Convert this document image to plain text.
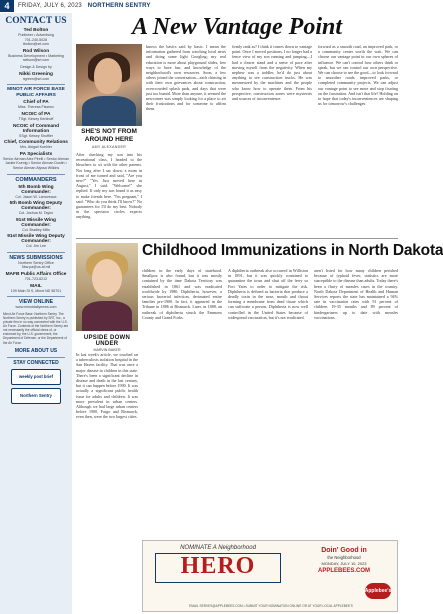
4	FRIDAY, JULY 6, 2023 NORTHERN SENTRY
CONTACT US
Ted Bolton
Publisher • Advertising
701-240-5028
tbolton@srt.com
Rod Wilson
Business Development • Marketing
rwilson@srt.com
Design & Design by
Nikki Greening
ngreen@srt.com
MINOT AIR FORCE BASE PUBLIC AFFAIRS
Chief of PA
Miss. Theresa Fisseux
NCOIC of PA
TSgt. Kinsey Kerkhoff
NCOIC of Command Information
SSgt. Kelsey Shuffler
Chief, Community Relations
Mrs. Abigail Koehler
PA Specialists
Senior Airman Alex Pirelli • Senior Airman Jackie Koenig • Senior Airman Dustin • Senior Airman Alyssa Wilkins
COMMANDERS
5th Bomb Wing Commander:
Col. Jason W. Lamoreaux
5th Bomb Wing Deputy Commander:
Col. Joshua M. Taylor
91st Missile Wing Commander:
Col. Bradley Mills
91st Missile Wing Deputy Commander:
Col. Jim Lee
NEWS SUBMISSIONS
Northern Sentry Office
5bw.pa@us.af.mil
MAFB Public Affairs Office
701-723-6212
MAIL
109 Main St S, Minot ND 58701
VIEW ONLINE
www.minotdailynews.com
Minot Air Force Base: Northern Sentry. The Northern Sentry is published by SRT, Inc., a private firm in no way connected with the U.S. Air Force. Contents of the Northern Sentry are not necessarily the official views of, or endorsed by, the U.S. government, the Department of Defense, or the Department of the Air Force.
MORE ABOUT US
STAY CONNECTED
weekly post brief
Northern Sentry
A New Vantage Point
SHE'S NOT FROM AROUND HERE
AMY ALEXANDER
After checking my son into his recreational class, I headed to the bleachers to sit with the other parents. Not long after I sat down, a mom in front of me turned and said, "Are you new?" "Yes. Just moved here in August," I said. "Welcome!" she replied. If only my son found it as easy to make friends here. "I'm pregnant," I said. "Who do you think I'll know?" No guarantees for I'll do my best. Nobody in the spectator circles expects anything.
knows the basics said by basic. I mean the information gathered from watching local news and doing some light Googling; my real education is more about playground slides, free ways to have fun, and knowledge of the neighborhood's own resources. Soon, a few others joined the conversation—each chiming in with their own grievances about construction, overcrowded splash pads, and days that were just too humid. More than anyone, it seemed the newcomer was simply looking for a place to air their frustrations and for someone to affirm them.
firmly rank as? I think it comes down to vantage point. Once I moved positions, I no longer had a fence view of my son running and jumping—I had a clearer stand and a sense of pace after moving myself from the negativity. When my nephew was a toddler, he'd do just about anything to see construction trucks. He was mesmerized by the machines and the people who know how to operate them. From his perspective, construction zones were mysteries and sources of inconvenience.
forward as a smooth road, an improved park, or a community center worth the wait. We can choose our vantage point in our own spheres of influence. We can't control how others think or speak, but we can control our own perspective. We can choose to see the good—to look forward to smoother roads, improved parks, or completed community projects. We can adjust our vantage point to see more and stop fixating on the frustration. And isn't that life? Holding on to hope that today's inconveniences are shaping us for tomorrow's challenges.
UPSIDE DOWN UNDER
MARVIN BAKER
Childhood Immunizations in North Dakota
In last week's article, we touched on a tuberculosis isolation hospital in the San Haven facility. That was once a major disease in children in this state. There's been a significant decline in disease and death in the last century, but it can happen before 1900. It was actually a significant public health issue for adults and children. It was more prevalent in urban centers. Although we had large urban centers before 1900, Fargo and Bismarck, even then, were the two largest cities.
children in the early days of statehood. Smallpox is also found, but it was mostly contained by the time Dakota Territory was established in 1861 and was eradicated worldwide by 1980. Diphtheria, however, a serious bacterial infection, decimated entire families pre-1900. In fact, it appeared in the Tribune in 1886 at Bismarck. Later, in 1888, an outbreak of diphtheria struck the Emmons County and Grand Forks.
A diphtheria outbreak also occurred in Williston in 1891, but it was quickly contained to quarantine the town and shut off the ferry so Fort Yates to order to mitigate the risk. Diphtheria is defined as bacteria that produce a deadly toxin in the nose, mouth and throat forming a membrane from dead tissue which can suffocate a person. Diphtheria is now well controlled in the United States because of widespread vaccination, but it's not eradicated.
aren't listed for how many children perished because of typhoid fever, statistics are more susceptible to the disease than adults. Today there's been a flurry of measles cases in the country. North Dakota Department of Health and Human Services reports the state has maintained a 94% rate in vaccination rates with 91 percent of children 19-35 months and 89 percent of kindergartners up to date with measles vaccinations.
NOMINATE A Neighborhood
HERO
Doin' Good in
the Neighborhood
MONDAY, JULY 10, 2023
APPLEBEES.COM
Applebee's
EMAIL SERVES@APPLEBEES.COM • SUBMIT YOUR NOMINATION ONLINE OR AT YOUR LOCAL APPLEBEE'S
